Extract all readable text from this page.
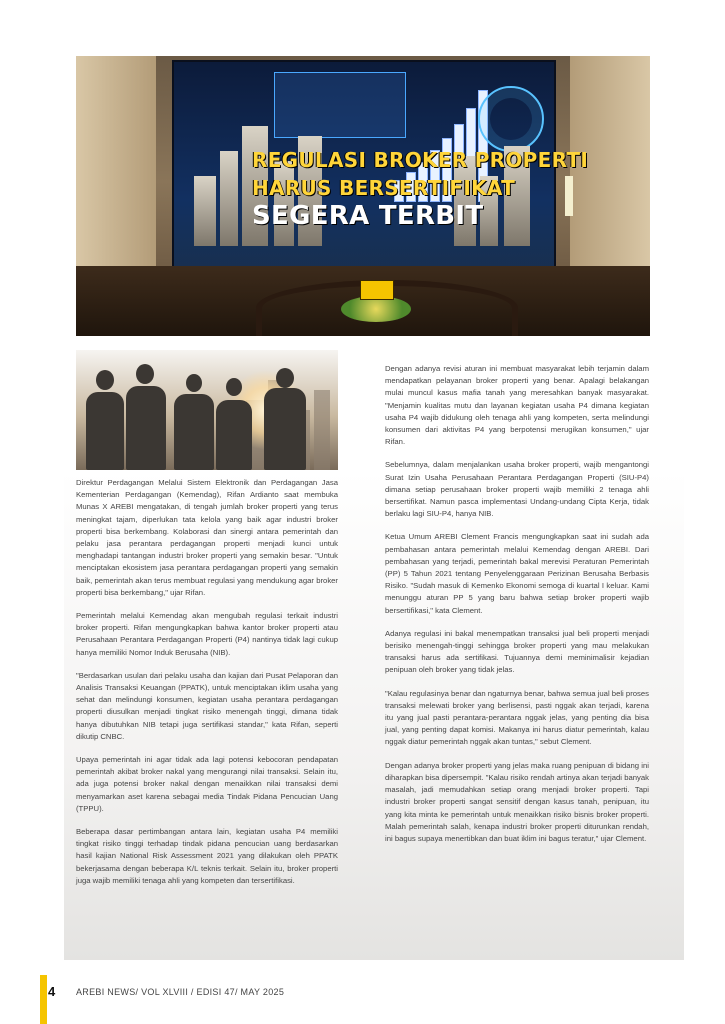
REGULASI BROKER PROPERTI
HARUS BERSERTIFIKAT
SEGERA TERBIT

Direktur Perdagangan Melalui Sistem Elektronik dan Perdagangan Jasa Kementerian Perdagangan (Kemendag), Rifan Ardianto saat membuka Munas X AREBI mengatakan, di tengah jumlah broker properti yang terus meningkat tajam, diperlukan tata kelola yang baik agar industri broker properti bisa berkembang. Kolaborasi dan sinergi antara pemerintah dan pelaku jasa perantara perdagangan properti menjadi kunci untuk menghadapi tantangan industri broker properti yang semakin besar. "Untuk menciptakan ekosistem jasa perantara perdagangan properti yang semakin baik, pemerintah akan terus membuat regulasi yang mendukung agar broker properti bisa berkembang," ujar Rifan.

Pemerintah melalui Kemendag akan mengubah regulasi terkait industri broker properti. Rifan mengungkapkan bahwa kantor broker properti atau Perusahaan Perantara Perdagangan Properti (P4) nantinya tidak lagi cukup hanya memiliki Nomor Induk Berusaha (NIB).

"Berdasarkan usulan dari pelaku usaha dan kajian dari Pusat Pelaporan dan Analisis Transaksi Keuangan (PPATK), untuk menciptakan iklim usaha yang sehat dan melindungi konsumen, kegiatan usaha perantara perdagangan properti diusulkan menjadi tingkat risiko menengah tinggi, dimana tidak hanya dibutuhkan NIB tetapi juga sertifikasi standar," kata Rifan, seperti dikutip CNBC.

Upaya pemerintah ini agar tidak ada lagi potensi kebocoran pendapatan pemerintah akibat broker nakal yang mengurangi nilai transaksi. Selain itu, ada juga potensi broker nakal dengan menaikkan nilai transaksi demi menyamarkan aset karena sebagai media Tindak Pidana Pencucian Uang (TPPU).

Beberapa dasar pertimbangan antara lain, kegiatan usaha P4 memiliki tingkat risiko tinggi terhadap tindak pidana pencucian uang berdasarkan hasil kajian National Risk Assessment 2021 yang dilakukan oleh PPATK bekerjasama dengan beberapa K/L teknis terkait. Selain itu, broker properti juga wajib memiliki tenaga ahli yang kompeten dan tersertifikasi.

Dengan adanya revisi aturan ini membuat masyarakat lebih terjamin dalam mendapatkan pelayanan broker properti yang benar. Apalagi belakangan mulai muncul kasus mafia tanah yang meresahkan banyak masyarakat. "Menjamin kualitas mutu dan layanan kegiatan usaha P4 dimana kegiatan usaha P4 wajib didukung oleh tenaga ahli yang kompeten, serta melindungi konsumen dari aktivitas P4 yang berpotensi merugikan konsumen," ujar Rifan.

Sebelumnya, dalam menjalankan usaha broker properti, wajib mengantongi Surat Izin Usaha Perusahaan Perantara Perdagangan Properti (SIU-P4) dimana setiap perusahaan broker properti wajib memiliki 2 tenaga ahli bersertifikat. Namun pasca implementasi Undang-undang Cipta Kerja, tidak berlaku lagi SIU-P4, hanya NIB.

Ketua Umum AREBI Clement Francis mengungkapkan saat ini sudah ada pembahasan antara pemerintah melalui Kemendag dengan AREBI. Dari pembahasan yang terjadi, pemerintah bakal merevisi Peraturan Pemerintah (PP) 5 Tahun 2021 tentang Penyelenggaraan Perizinan Berusaha Berbasis Risiko. "Sudah masuk di Kemenko Ekonomi semoga di kuartal I keluar. Kami menunggu aturan PP 5 yang baru bahwa setiap broker properti wajib bersertifikasi," kata Clement.

Adanya regulasi ini bakal menempatkan transaksi jual beli properti menjadi berisiko menengah-tinggi sehingga broker properti yang mau melakukan transaksi harus ada sertifikasi. Tujuannya demi meminimalisir kejadian penipuan oleh broker yang tidak jelas.

"Kalau regulasinya benar dan ngaturnya benar, bahwa semua jual beli proses transaksi melewati broker yang berlisensi, pasti nggak akan terjadi, karena itu yang jual pasti perantara-perantara nggak jelas, yang penting dia bisa jual, yang penting dapat komisi. Makanya ini harus diatur pemerintah, kalau nggak diatur pemerintah nggak akan tuntas," sebut Clement.

Dengan adanya broker properti yang jelas maka ruang penipuan di bidang ini diharapkan bisa dipersempit. "Kalau risiko rendah artinya akan terjadi banyak masalah, jadi memudahkan setiap orang menjadi broker properti. Tapi industri broker properti sangat sensitif dengan kasus tanah, penipuan, itu yang kita minta ke pemerintah untuk menaikkan risiko bisnis broker properti. Malah pemerintah salah, kenapa industri broker properti diturunkan rendah, ini bagus supaya menertibkan dan buat iklim ini bagus teratur," ujar Clement.

4 AREBI NEWS/ VOL XLVIII / EDISI 47/ MAY 2025
